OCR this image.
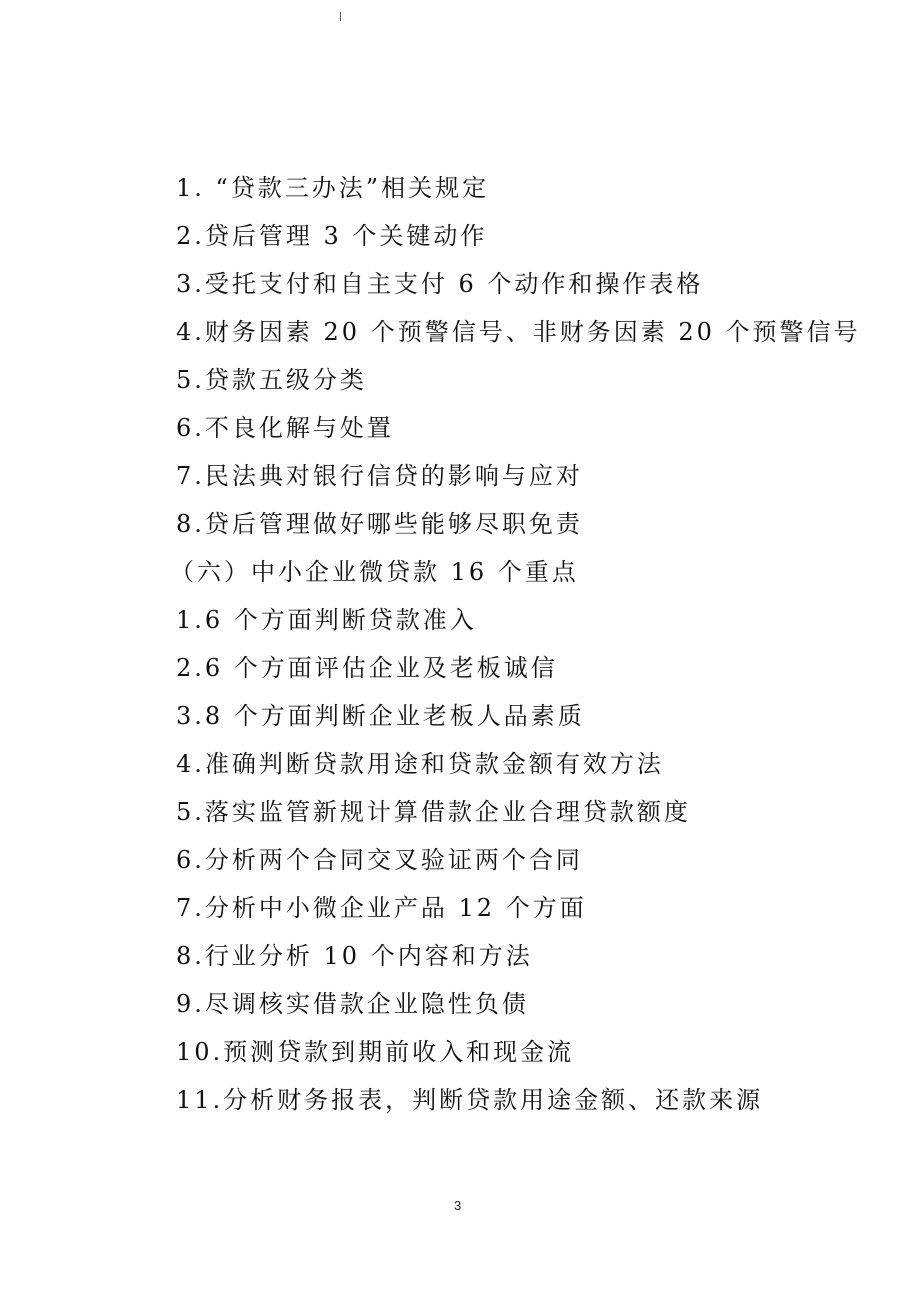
1. “贷款三办法”相关规定
2.贷后管理 3 个关键动作
3.受托支付和自主支付 6 个动作和操作表格
4.财务因素 20 个预警信号、非财务因素 20 个预警信号
5.贷款五级分类
6.不良化解与处置
7.民法典对银行信贷的影响与应对
8.贷后管理做好哪些能够尽职免责
（六）中小企业微贷款 16 个重点
1.6 个方面判断贷款准入
2.6 个方面评估企业及老板诚信
3.8 个方面判断企业老板人品素质
4.准确判断贷款用途和贷款金额有效方法
5.落实监管新规计算借款企业合理贷款额度
6.分析两个合同交叉验证两个合同
7.分析中小微企业产品 12 个方面
8.行业分析 10 个内容和方法
9.尽调核实借款企业隐性负债
10.预测贷款到期前收入和现金流
11.分析财务报表，判断贷款用途金额、还款来源
3
